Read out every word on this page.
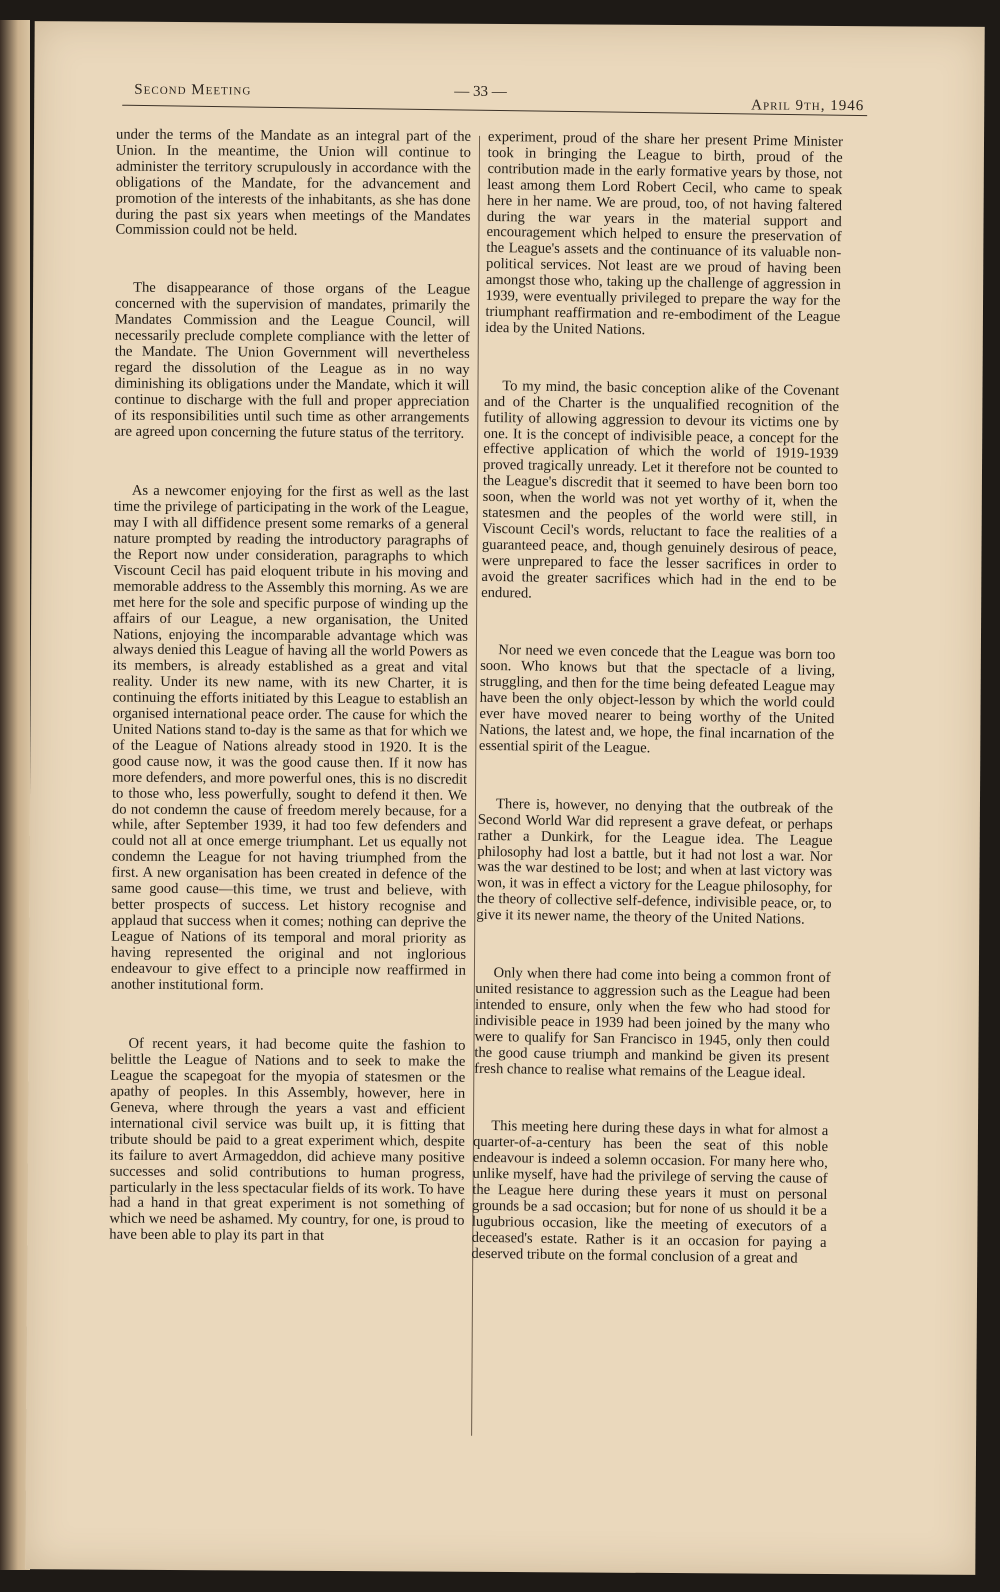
Second Meeting	— 33 —
April 9th, 1946

under the terms of the Mandate as an integral part of the Union. In the meantime, the Union will continue to administer the territory scrupulously in accordance with the obligations of the Mandate, for the advancement and promotion of the interests of the inhabitants, as she has done during the past six years when meetings of the Mandates Commission could not be held.

The disappearance of those organs of the League concerned with the supervision of mandates, primarily the Mandates Commission and the League Council, will necessarily preclude complete compliance with the letter of the Mandate. The Union Government will nevertheless regard the dissolution of the League as in no way diminishing its obligations under the Mandate, which it will continue to discharge with the full and proper appreciation of its responsibilities until such time as other arrangements are agreed upon concerning the future status of the territory.

As a newcomer enjoying for the first as well as the last time the privilege of participating in the work of the League, may I with all diffidence present some remarks of a general nature prompted by reading the introductory paragraphs of the Report now under consideration, paragraphs to which Viscount Cecil has paid eloquent tribute in his moving and memorable address to the Assembly this morning. As we are met here for the sole and specific purpose of winding up the affairs of our League, a new organisation, the United Nations, enjoying the incomparable advantage which was always denied this League of having all the world Powers as its members, is already established as a great and vital reality. Under its new name, with its new Charter, it is continuing the efforts initiated by this League to establish an organised international peace order. The cause for which the United Nations stand to-day is the same as that for which we of the League of Nations already stood in 1920. It is the good cause now, it was the good cause then. If it now has more defenders, and more powerful ones, this is no discredit to those who, less powerfully, sought to defend it then. We do not condemn the cause of freedom merely because, for a while, after September 1939, it had too few defenders and could not all at once emerge triumphant. Let us equally not condemn the League for not having triumphed from the first. A new organisation has been created in defence of the same good cause—this time, we trust and believe, with better prospects of success. Let history recognise and applaud that success when it comes; nothing can deprive the League of Nations of its temporal and moral priority as having represented the original and not inglorious endeavour to give effect to a principle now reaffirmed in another institutional form.

Of recent years, it had become quite the fashion to belittle the League of Nations and to seek to make the League the scapegoat for the myopia of statesmen or the apathy of peoples. In this Assembly, however, here in Geneva, where through the years a vast and efficient international civil service was built up, it is fitting that tribute should be paid to a great experiment which, despite its failure to avert Armageddon, did achieve many positive successes and solid contributions to human progress, particularly in the less spectacular fields of its work. To have had a hand in that great experiment is not something of which we need be ashamed. My country, for one, is proud to have been able to play its part in that

experiment, proud of the share her present Prime Minister took in bringing the League to birth, proud of the contribution made in the early formative years by those, not least among them Lord Robert Cecil, who came to speak here in her name. We are proud, too, of not having faltered during the war years in the material support and encouragement which helped to ensure the preservation of the League's assets and the continuance of its valuable non-political services. Not least are we proud of having been amongst those who, taking up the challenge of aggression in 1939, were eventually privileged to prepare the way for the triumphant reaffirmation and re-embodiment of the League idea by the United Nations.

To my mind, the basic conception alike of the Covenant and of the Charter is the unqualified recognition of the futility of allowing aggression to devour its victims one by one. It is the concept of indivisible peace, a concept for the effective application of which the world of 1919-1939 proved tragically unready. Let it therefore not be counted to the League's discredit that it seemed to have been born too soon, when the world was not yet worthy of it, when the statesmen and the peoples of the world were still, in Viscount Cecil's words, reluctant to face the realities of a guaranteed peace, and, though genuinely desirous of peace, were unprepared to face the lesser sacrifices in order to avoid the greater sacrifices which had in the end to be endured.

Nor need we even concede that the League was born too soon. Who knows but that the spectacle of a living, struggling, and then for the time being defeated League may have been the only object-lesson by which the world could ever have moved nearer to being worthy of the United Nations, the latest and, we hope, the final incarnation of the essential spirit of the League.

There is, however, no denying that the outbreak of the Second World War did represent a grave defeat, or perhaps rather a Dunkirk, for the League idea. The League philosophy had lost a battle, but it had not lost a war. Nor was the war destined to be lost; and when at last victory was won, it was in effect a victory for the League philosophy, for the theory of collective self-defence, indivisible peace, or, to give it its newer name, the theory of the United Nations.

Only when there had come into being a common front of united resistance to aggression such as the League had been intended to ensure, only when the few who had stood for indivisible peace in 1939 had been joined by the many who were to qualify for San Francisco in 1945, only then could the good cause triumph and mankind be given its present fresh chance to realise what remains of the League ideal.

This meeting here during these days in what for almost a quarter-of-a-century has been the seat of this noble endeavour is indeed a solemn occasion. For many here who, unlike myself, have had the privilege of serving the cause of the League here during these years it must on personal grounds be a sad occasion; but for none of us should it be a lugubrious occasion, like the meeting of executors of a deceased's estate. Rather is it an occasion for paying a deserved tribute on the formal conclusion of a great and
